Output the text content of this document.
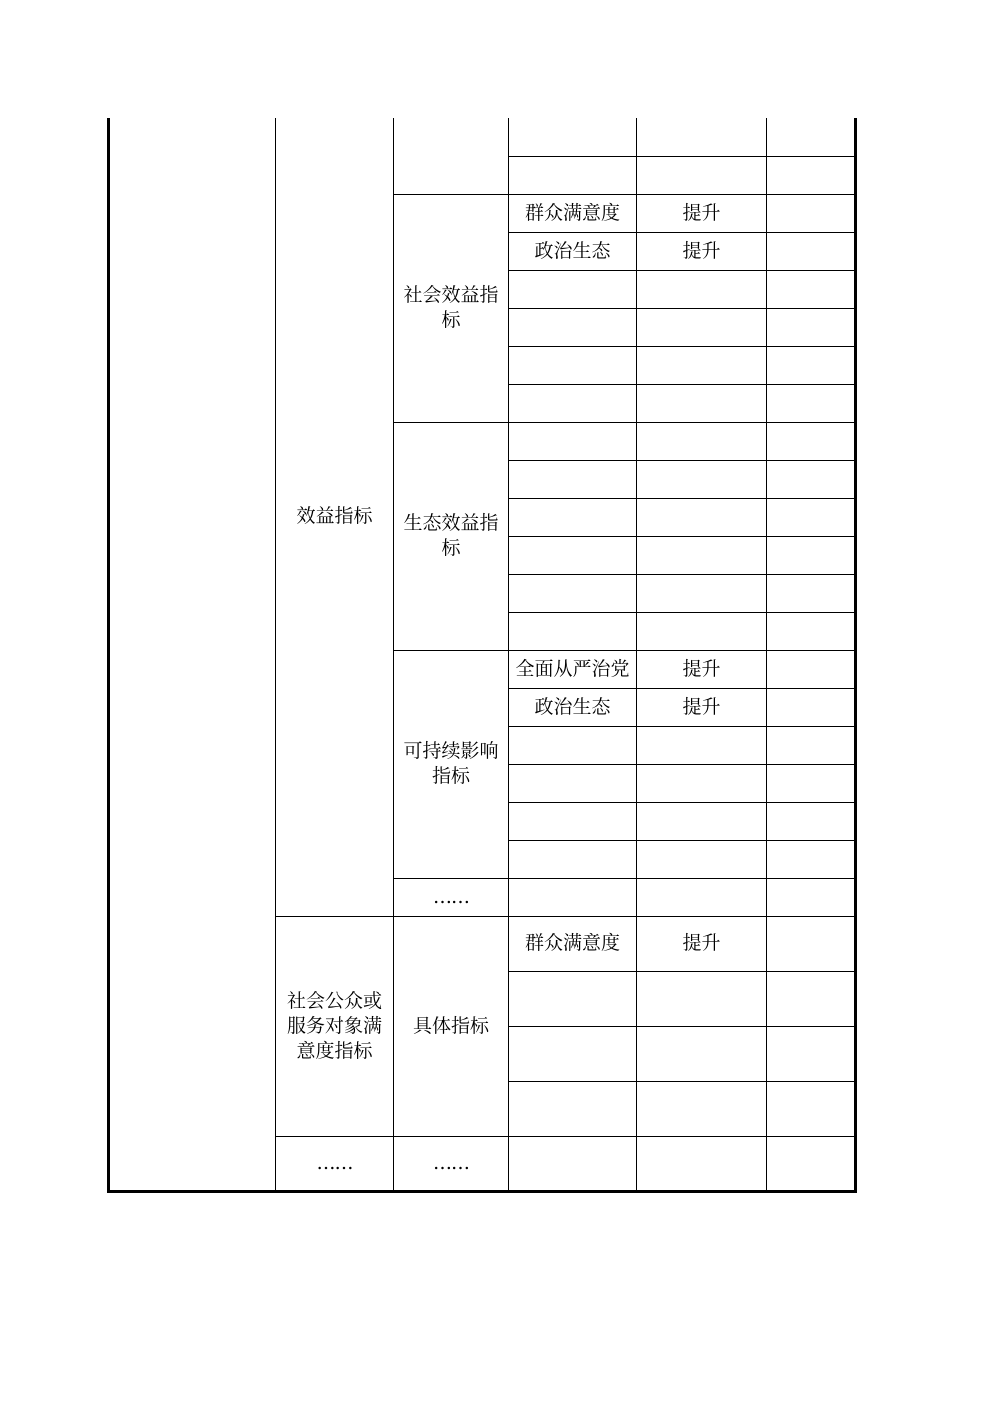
	效益指标				

		社会效益指标	群众满意度	提升	
			政治生态	提升	

		生态效益指标			

		可持续影响指标	全面从严治党	提升	
			政治生态	提升	

		……			
	社会公众或服务对象满意度指标	具体指标	群众满意度	提升	

	……	……			
